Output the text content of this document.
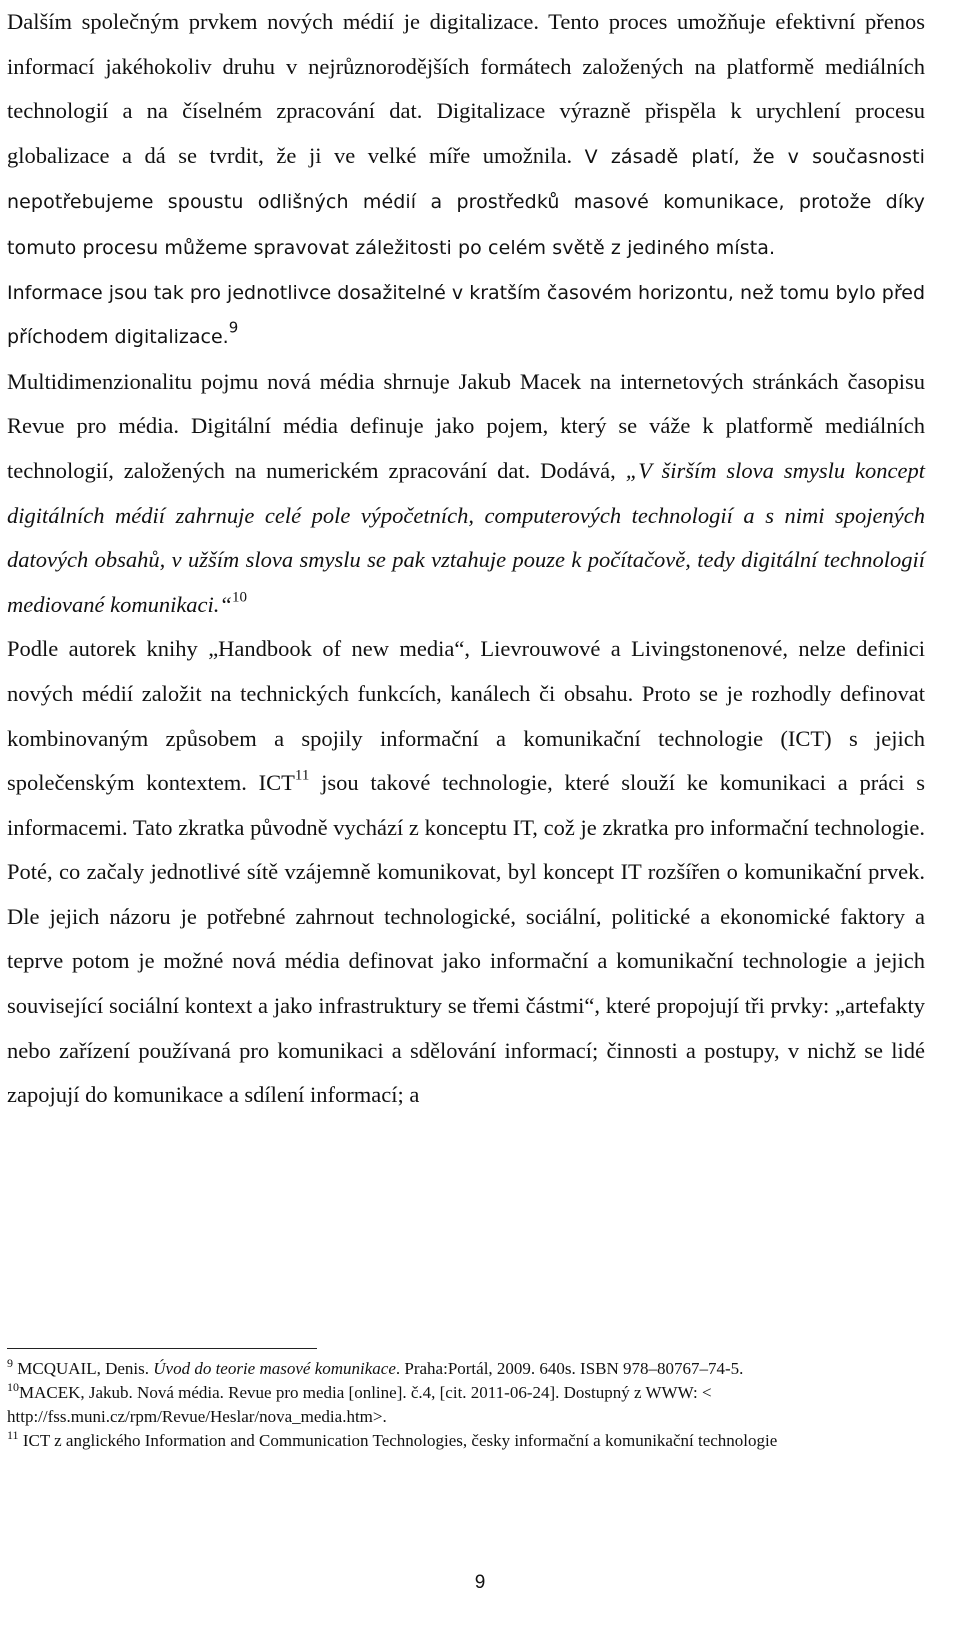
Dalším společným prvkem nových médií je digitalizace. Tento proces umožňuje efektivní přenos informací jakéhokoliv druhu v nejrůznorodějších formátech založených na platformě mediálních technologií a na číselném zpracování dat. Digitalizace výrazně přispěla k urychlení procesu globalizace a dá se tvrdit, že ji ve velké míře umožnila. V zásadě platí, že v současnosti nepotřebujeme spoustu odlišných médií a prostředků masové komunikace, protože díky tomuto procesu můžeme spravovat záležitosti po celém světě z jediného místa.

Informace jsou tak pro jednotlivce dosažitelné v kratším časovém horizontu, než tomu bylo před příchodem digitalizace.$^9$

Multidimenzionalitu pojmu nová média shrnuje Jakub Macek na internetových stránkách časopisu Revue pro média. Digitální média definuje jako pojem, který se váže k platformě mediálních technologií, založených na numerickém zpracování dat. Dodává, „V širším slova smyslu koncept digitálních médií zahrnuje celé pole výpočetních, computerových technologií a s nimi spojených datových obsahů, v užším slova smyslu se pak vztahuje pouze k počítačově, tedy digitální technologií mediované komunikaci.“$^{10}$

Podle autorek knihy „Handbook of new media“, Lievrouwové a Livingstonenové, nelze definici nových médií založit na technických funkcích, kanálech či obsahu. Proto se je rozhodly definovat kombinovaným způsobem a spojily informační a komunikační technologie (ICT) s jejich společenským kontextem. ICT$^{11}$ jsou takové technologie, které slouží ke komunikaci a práci s informacemi. Tato zkratka původně vychází z konceptu IT, což je zkratka pro informační technologie. Poté, co začaly jednotlivé sítě vzájemně komunikovat, byl koncept IT rozšířen o komunikační prvek. Dle jejich názoru je potřebné zahrnout technologické, sociální, politické a ekonomické faktory a teprve potom je možné nová média definovat jako informační a komunikační technologie a jejich související sociální kontext a jako infrastruktury se třemi částmi“, které propojují tři prvky: „artefakty nebo zařízení používaná pro komunikaci a sdělování informací; činnosti a postupy, v nichž se lidé zapojují do komunikace a sdílení informací; a

$^9$ MCQUAIL, Denis. Úvod do teorie masové komunikace. Praha:Portál, 2009. 640s. ISBN 978–80767–74-5.

$^{10}$MACEK, Jakub. Nová média. Revue pro media [online]. č.4, [cit. 2011-06-24]. Dostupný z WWW: < http://fss.muni.cz/rpm/Revue/Heslar/nova_media.htm>.

$^{11}$ ICT z anglického Information and Communication Technologies, česky informační a komunikační technologie

9
